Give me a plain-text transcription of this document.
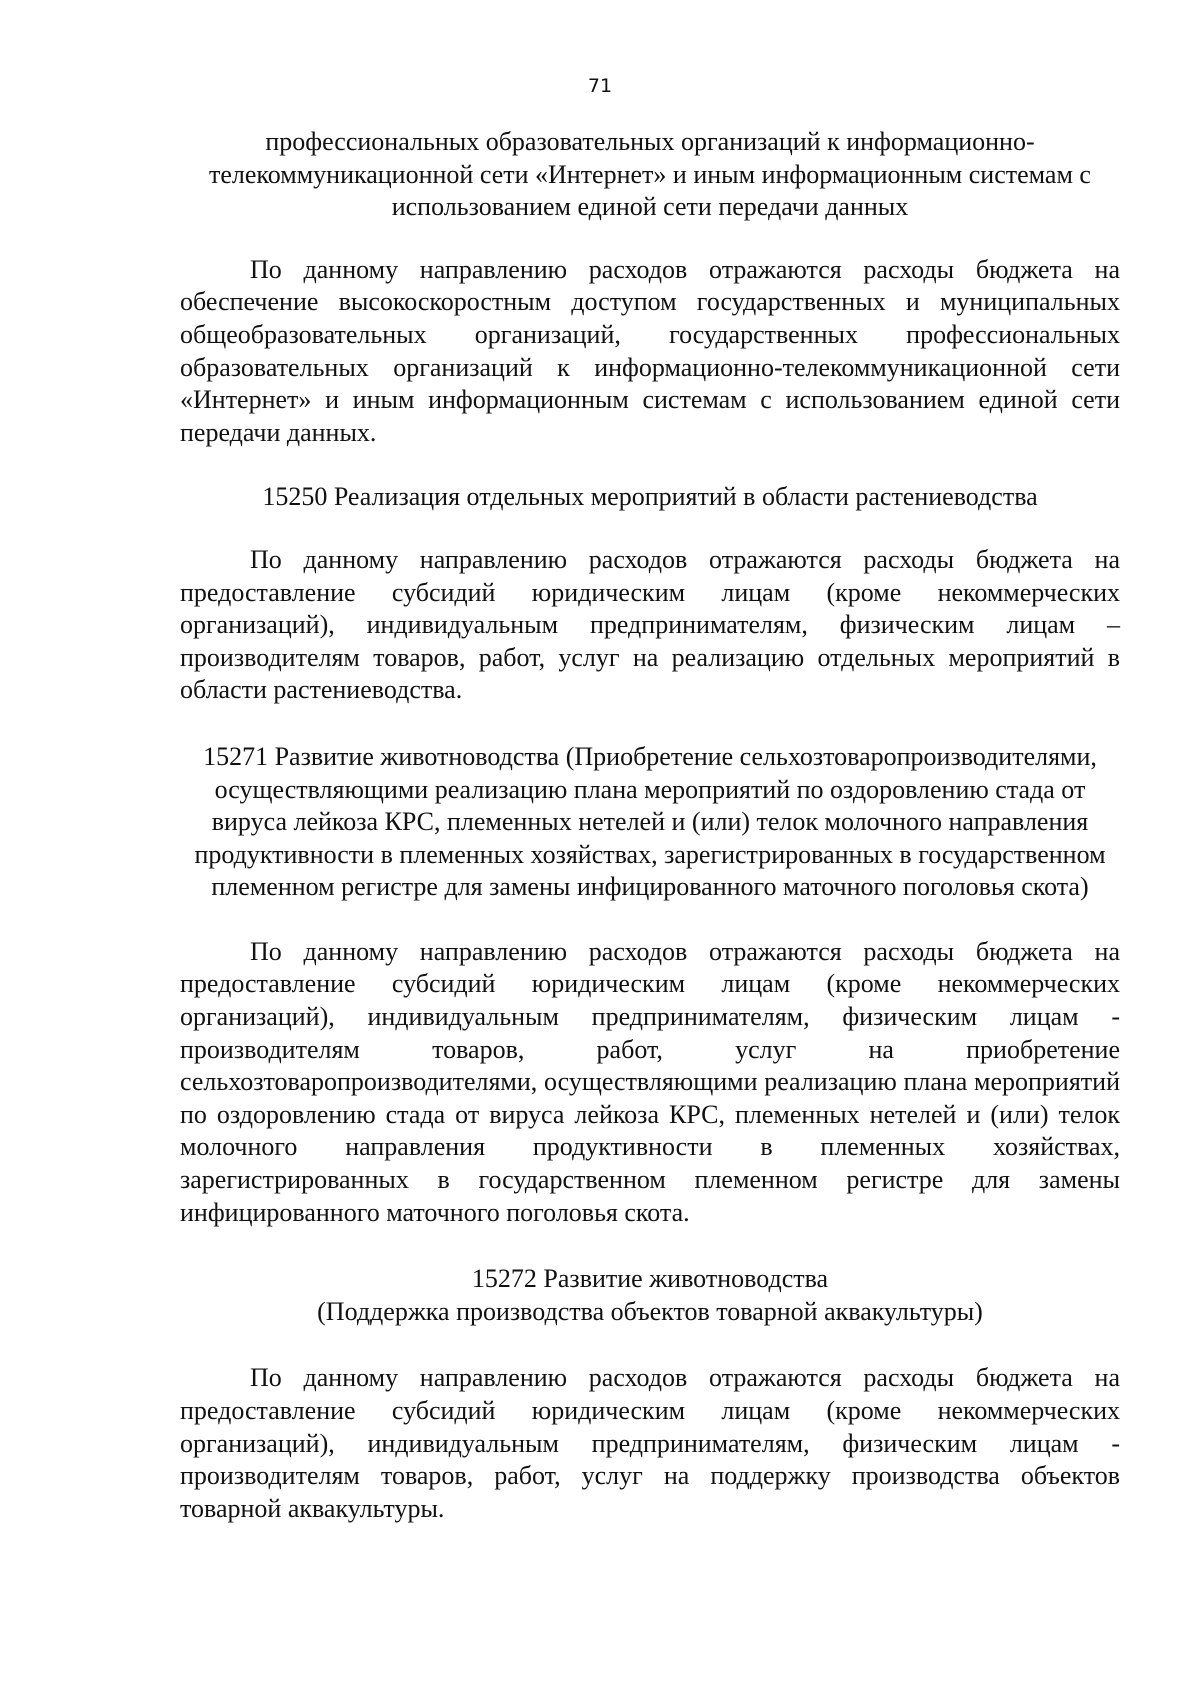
71

профессиональных образовательных организаций к информационно-телекоммуникационной сети «Интернет» и иным информационным системам с использованием единой сети передачи данных

По данному направлению расходов отражаются расходы бюджета на обеспечение высокоскоростным доступом государственных и муниципальных общеобразовательных организаций, государственных профессиональных образовательных организаций к информационно-телекоммуникационной сети «Интернет» и иным информационным системам с использованием единой сети передачи данных.

15250 Реализация отдельных мероприятий в области растениеводства

По данному направлению расходов отражаются расходы бюджета на предоставление субсидий юридическим лицам (кроме некоммерческих организаций), индивидуальным предпринимателям, физическим лицам – производителям товаров, работ, услуг на реализацию отдельных мероприятий в области растениеводства.

15271 Развитие животноводства (Приобретение сельхозтоваропроизводителями, осуществляющими реализацию плана мероприятий по оздоровлению стада от вируса лейкоза КРС, племенных нетелей и (или) телок молочного направления продуктивности в племенных хозяйствах, зарегистрированных в государственном племенном регистре для замены инфицированного маточного поголовья скота)

По данному направлению расходов отражаются расходы бюджета на предоставление субсидий юридическим лицам (кроме некоммерческих организаций), индивидуальным предпринимателям, физическим лицам - производителям товаров, работ, услуг на приобретение сельхозтоваропроизводителями, осуществляющими реализацию плана мероприятий по оздоровлению стада от вируса лейкоза КРС, племенных нетелей и (или) телок молочного направления продуктивности в племенных хозяйствах, зарегистрированных в государственном племенном регистре для замены инфицированного маточного поголовья скота.

15272 Развитие животноводства

(Поддержка производства объектов товарной аквакультуры)

По данному направлению расходов отражаются расходы бюджета на предоставление субсидий юридическим лицам (кроме некоммерческих организаций), индивидуальным предпринимателям, физическим лицам - производителям товаров, работ, услуг на поддержку производства объектов товарной аквакультуры.
